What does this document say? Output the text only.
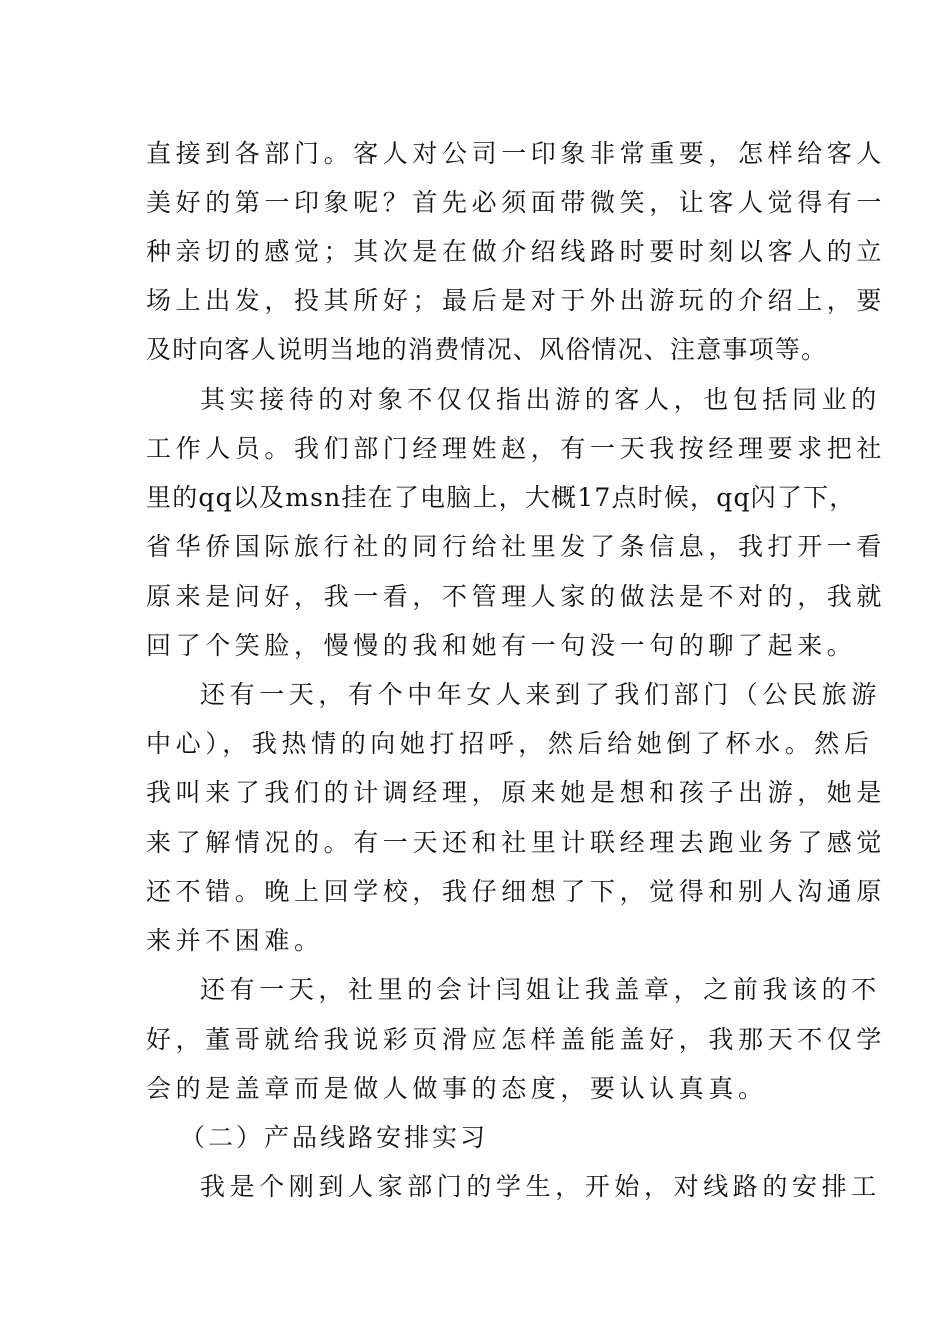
直接到各部门。客人对公司一印象非常重要，怎样给客人
美好的第一印象呢？首先必须面带微笑，让客人觉得有一
种亲切的感觉；其次是在做介绍线路时要时刻以客人的立
场上出发，投其所好；最后是对于外出游玩的介绍上，要
及时向客人说明当地的消费情况、风俗情况、注意事项等。
其实接待的对象不仅仅指出游的客人，也包括同业的
工作人员。我们部门经理姓赵，有一天我按经理要求把社
里的qq以及msn挂在了电脑上，大概17点时候，qq闪了下，
省华侨国际旅行社的同行给社里发了条信息，我打开一看
原来是问好，我一看，不管理人家的做法是不对的，我就
回了个笑脸，慢慢的我和她有一句没一句的聊了起来。
还有一天，有个中年女人来到了我们部门（公民旅游
中心），我热情的向她打招呼，然后给她倒了杯水。然后
我叫来了我们的计调经理，原来她是想和孩子出游，她是
来了解情况的。有一天还和社里计联经理去跑业务了感觉
还不错。晚上回学校，我仔细想了下，觉得和别人沟通原
来并不困难。
还有一天，社里的会计闫姐让我盖章，之前我该的不
好，董哥就给我说彩页滑应怎样盖能盖好，我那天不仅学
会的是盖章而是做人做事的态度，要认认真真。
（二）产品线路安排实习
我是个刚到人家部门的学生，开始，对线路的安排工
